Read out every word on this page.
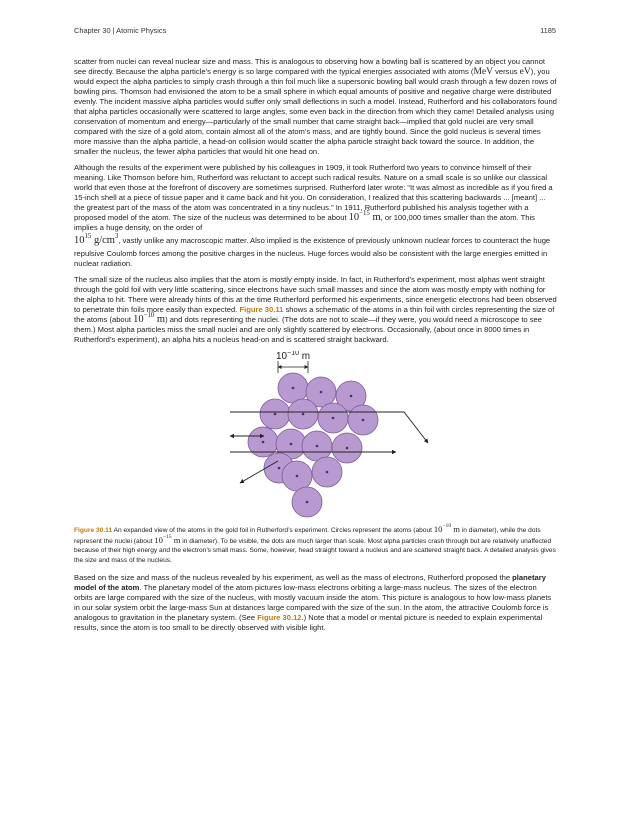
Chapter 30 | Atomic Physics	1185

scatter from nuclei can reveal nuclear size and mass. This is analogous to observing how a bowling ball is scattered by an object you cannot see directly. Because the alpha particle’s energy is so large compared with the typical energies associated with atoms (MeV versus eV), you would expect the alpha particles to simply crash through a thin foil much like a supersonic bowling ball would crash through a few dozen rows of bowling pins. Thomson had envisioned the atom to be a small sphere in which equal amounts of positive and negative charge were distributed evenly. The incident massive alpha particles would suffer only small deflections in such a model. Instead, Rutherford and his collaborators found that alpha particles occasionally were scattered to large angles, some even back in the direction from which they came! Detailed analysis using conservation of momentum and energy—particularly of the small number that came straight back—implied that gold nuclei are very small compared with the size of a gold atom, contain almost all of the atom’s mass, and are tightly bound. Since the gold nucleus is several times more massive than the alpha particle, a head-on collision would scatter the alpha particle straight back toward the source. In addition, the smaller the nucleus, the fewer alpha particles that would hit one head on.

Although the results of the experiment were published by his colleagues in 1909, it took Rutherford two years to convince himself of their meaning. Like Thomson before him, Rutherford was reluctant to accept such radical results. Nature on a small scale is so unlike our classical world that even those at the forefront of discovery are sometimes surprised. Rutherford later wrote: “It was almost as incredible as if you fired a 15-inch shell at a piece of tissue paper and it came back and hit you. On consideration, I realized that this scattering backwards ... [meant] ... the greatest part of the mass of the atom was concentrated in a tiny nucleus.” In 1911, Rutherford published his analysis together with a proposed model of the atom. The size of the nucleus was determined to be about $10^{-15}$ m, or 100,000 times smaller than the atom. This implies a huge density, on the order of
$10^{15}$ $g/cm^3$, vastly unlike any macroscopic matter. Also implied is the existence of previously unknown nuclear forces to counteract the huge repulsive Coulomb forces among the positive charges in the nucleus. Huge forces would also be consistent with the large energies emitted in nuclear radiation.

The small size of the nucleus also implies that the atom is mostly empty inside. In fact, in Rutherford’s experiment, most alphas went straight through the gold foil with very little scattering, since electrons have such small masses and since the atom was mostly empty with nothing for the alpha to hit. There were already hints of this at the time Rutherford performed his experiments, since energetic electrons had been observed to penetrate thin foils more easily than expected. Figure 30.11 shows a schematic of the atoms in a thin foil with circles representing the size of the atoms (about $10^{-10}$ m) and dots representing the nuclei. (The dots are not to scale—if they were, you would need a microscope to see them.) Most alpha particles miss the small nuclei and are only slightly scattered by electrons. Occasionally, (about once in 8000 times in Rutherford’s experiment), an alpha hits a nucleus head-on and is scattered straight backward.

$10^{-10}$ m

Figure 30.11 An expanded view of the atoms in the gold foil in Rutherford’s experiment. Circles represent the atoms (about $10^{-10}$ m in diameter), while the dots represent the nuclei (about $10^{-15}$ m in diameter). To be visible, the dots are much larger than scale. Most alpha particles crash through but are relatively unaffected because of their high energy and the electron’s small mass. Some, however, head straight toward a nucleus and are scattered straight back. A detailed analysis gives the size and mass of the nucleus.

Based on the size and mass of the nucleus revealed by his experiment, as well as the mass of electrons, Rutherford proposed the planetary model of the atom. The planetary model of the atom pictures low-mass electrons orbiting a large-mass nucleus. The sizes of the electron orbits are large compared with the size of the nucleus, with mostly vacuum inside the atom. This picture is analogous to how low-mass planets in our solar system orbit the large-mass Sun at distances large compared with the size of the sun. In the atom, the attractive Coulomb force is analogous to gravitation in the planetary system. (See Figure 30.12.) Note that a model or mental picture is needed to explain experimental results, since the atom is too small to be directly observed with visible light.
